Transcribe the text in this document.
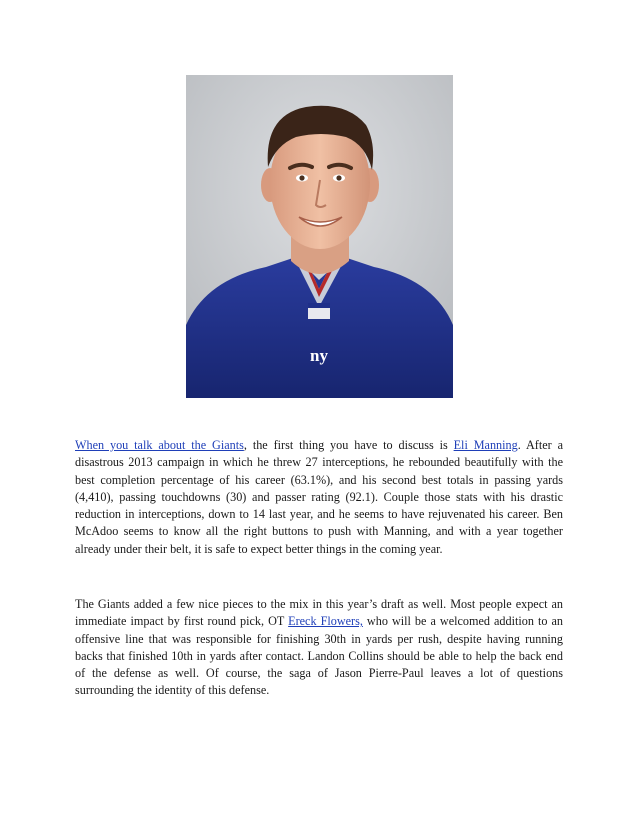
ny

When you talk about the Giants, the first thing you have to discuss is Eli Manning. After a disastrous 2013 campaign in which he threw 27 interceptions, he rebounded beautifully with the best completion percentage of his career (63.1%), and his second best totals in passing yards (4,410), passing touchdowns (30) and passer rating (92.1). Couple those stats with his drastic reduction in interceptions, down to 14 last year, and he seems to have rejuvenated his career. Ben McAdoo seems to know all the right buttons to push with Manning, and with a year together already under their belt, it is safe to expect better things in the coming year.

The Giants added a few nice pieces to the mix in this year’s draft as well. Most people expect an immediate impact by first round pick, OT Ereck Flowers, who will be a welcomed addition to an offensive line that was responsible for finishing 30th in yards per rush, despite having running backs that finished 10th in yards after contact. Landon Collins should be able to help the back end of the defense as well. Of course, the saga of Jason Pierre-Paul leaves a lot of questions surrounding the identity of this defense.
